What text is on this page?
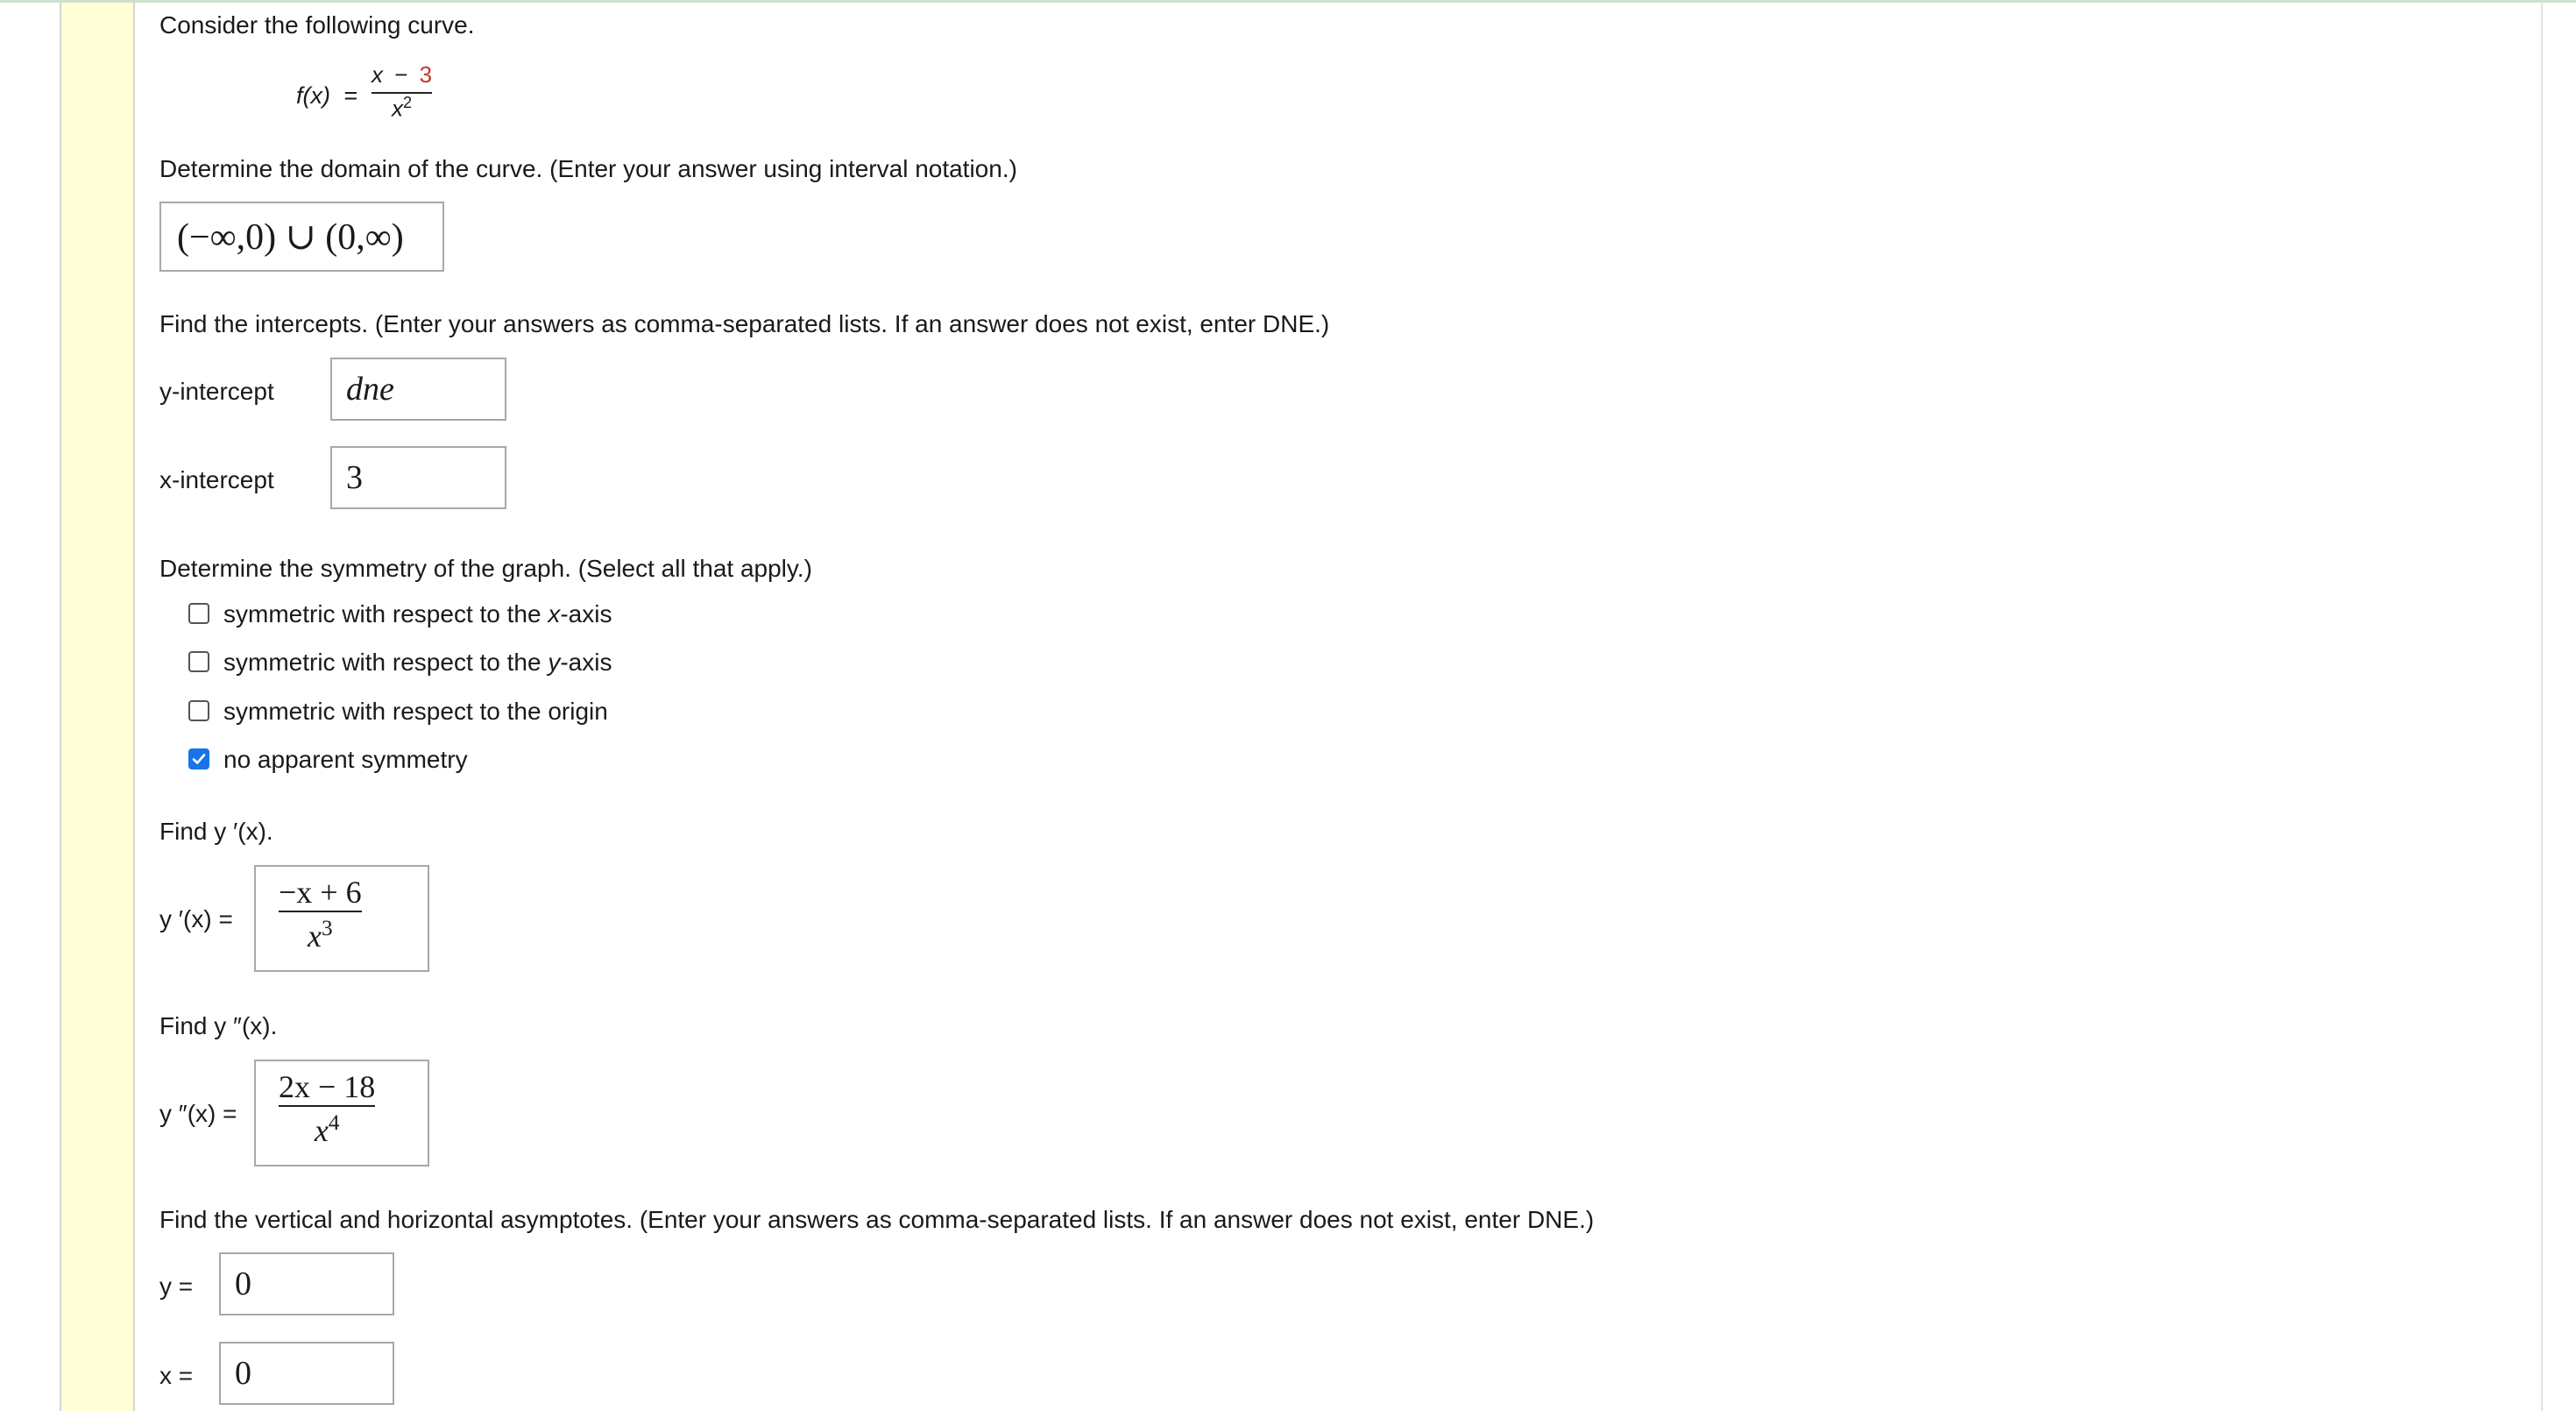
Consider the following curve.
f(x) =
x − 3
$x^2$
Determine the domain of the curve. (Enter your answer using interval notation.)
(−∞,0) ∪ (0,∞)
Find the intercepts. (Enter your answers as comma-separated lists. If an answer does not exist, enter DNE.)
y-intercept dne
x-intercept 3
Determine the symmetry of the graph. (Select all that apply.)
symmetric with respect to the x-axis
symmetric with respect to the y-axis
symmetric with respect to the origin
no apparent symmetry
Find y ′(x).
y ′(x) =
−x + 6
$x^3$
Find y ″(x).
y ″(x) =
2x − 18
$x^4$
Find the vertical and horizontal asymptotes. (Enter your answers as comma-separated lists. If an answer does not exist, enter DNE.)
y = 0
x = 0
